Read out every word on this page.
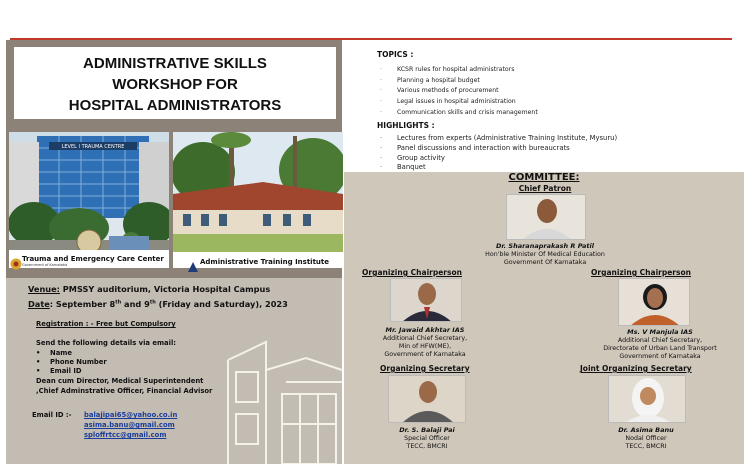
ADMINISTRATIVE SKILLS
WORKSHOP FOR
HOSPITAL ADMINISTRATORS
LEVEL I TRAUMA CENTRE
Trauma and Emergency Care Center
Government of Karnataka	Administrative Training Institute
Venue: PMSSY auditorium, Victoria Hospital Campus
Date: September 8th and 9th (Friday and Saturday), 2023
Registration : - Free but Compulsory
Send the following details via email:
• Name
• Phone Number
• Email ID
Dean cum Director, Medical Superintendent ,Chief Adminstrative Officer, Financial Advisor
Email ID :- balajipai65@yahoo.co.in
asima.banu@gmail.com
sploffrtcc@gmail.com
TOPICS :
· KCSR rules for hospital administrators
· Planning a hospital budget
· Various methods of procurement
· Legal issues in hospital administration
· Communication skills and crisis management
HIGHLIGHTS :
· Lectures from experts (Administrative Training Institute, Mysuru)
· Panel discussions and interaction with bureaucrats
· Group activity
· Banquet
COMMITTEE:
Chief Patron
Dr. Sharanaprakash R Patil
Hon'ble Minister Of Medical Education
Government Of Karnataka
Organizing Chairperson
Mr. Jawaid Akhtar IAS
Additional Chief Secretary,
Min of HFW(ME),
Government of Karnataka
Organizing Chairperson
Ms. V Manjula IAS
Additional Chief Secretary,
Directorate of Urban Land Transport
Government of Karnataka
Organizing Secretary
Dr. S. Balaji Pai
Special Officer
TECC, BMCRI
Joint Organizing Secretary
Dr. Asima Banu
Nodal Officer
TECC, BMCRI
